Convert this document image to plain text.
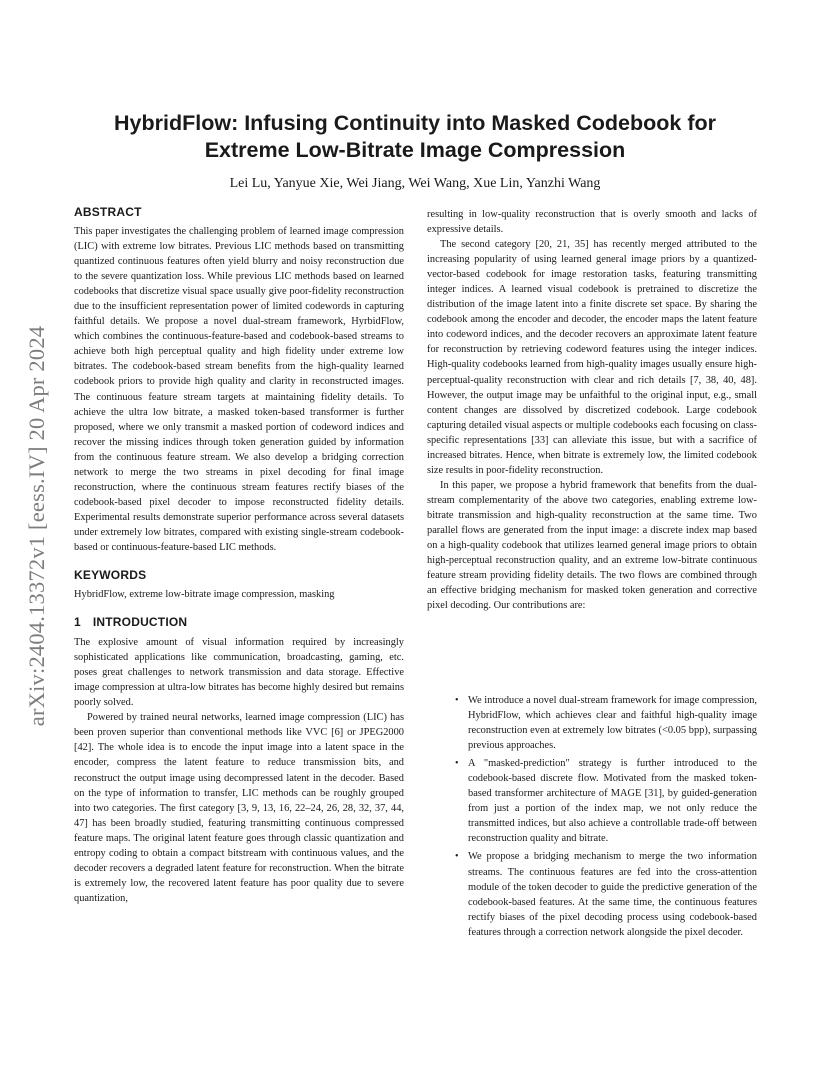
arXiv:2404.13372v1 [eess.IV] 20 Apr 2024
HybridFlow: Infusing Continuity into Masked Codebook for
Extreme Low-Bitrate Image Compression

Lei Lu, Yanyue Xie, Wei Jiang, Wei Wang, Xue Lin, Yanzhi Wang

ABSTRACT

This paper investigates the challenging problem of learned image compression (LIC) with extreme low bitrates. Previous LIC methods based on transmitting quantized continuous features often yield blurry and noisy reconstruction due to the severe quantization loss. While previous LIC methods based on learned codebooks that discretize visual space usually give poor-fidelity reconstruction due to the insufficient representation power of limited codewords in capturing faithful details. We propose a novel dual-stream framework, HyrbidFlow, which combines the continuous-feature-based and codebook-based streams to achieve both high perceptual quality and high fidelity under extreme low bitrates. The codebook-based stream benefits from the high-quality learned codebook priors to provide high quality and clarity in reconstructed images. The continuous feature stream targets at maintaining fidelity details. To achieve the ultra low bitrate, a masked token-based transformer is further proposed, where we only transmit a masked portion of codeword indices and recover the missing indices through token generation guided by information from the continuous feature stream. We also develop a bridging correction network to merge the two streams in pixel decoding for final image reconstruction, where the continuous stream features rectify biases of the codebook-based pixel decoder to impose reconstructed fidelity details. Experimental results demonstrate superior performance across several datasets under extremely low bitrates, compared with existing single-stream codebook-based or continuous-feature-based LIC methods.

KEYWORDS

HybridFlow, extreme low-bitrate image compression, masking

1 INTRODUCTION

The explosive amount of visual information required by increasingly sophisticated applications like communication, broadcasting, gaming, etc. poses great challenges to network transmission and data storage. Effective image compression at ultra-low bitrates has become highly desired but remains poorly solved.

Powered by trained neural networks, learned image compression (LIC) has been proven superior than conventional methods like VVC [6] or JPEG2000 [42]. The whole idea is to encode the input image into a latent space in the encoder, compress the latent feature to reduce transmission bits, and reconstruct the output image using decompressed latent in the decoder. Based on the type of information to transfer, LIC methods can be roughly grouped into two categories. The first category [3, 9, 13, 16, 22–24, 26, 28, 32, 37, 44, 47] has been broadly studied, featuring transmitting continuous compressed feature maps. The original latent feature goes through classic quantization and entropy coding to obtain a compact bitstream with continuous values, and the decoder recovers a degraded latent feature for reconstruction. When the bitrate is extremely low, the recovered latent feature has poor quality due to severe quantization,

resulting in low-quality reconstruction that is overly smooth and lacks of expressive details.

The second category [20, 21, 35] has recently merged attributed to the increasing popularity of using learned general image priors by a quantized-vector-based codebook for image restoration tasks, featuring transmitting integer indices. A learned visual codebook is pretrained to discretize the distribution of the image latent into a finite discrete set space. By sharing the codebook among the encoder and decoder, the encoder maps the latent feature into codeword indices, and the decoder recovers an approximate latent feature for reconstruction by retrieving codeword features using the integer indices. High-quality codebooks learned from high-quality images usually ensure high-perceptual-quality reconstruction with clear and rich details [7, 38, 40, 48]. However, the output image may be unfaithful to the original input, e.g., small content changes are dissolved by discretized codebook. Large codebook capturing detailed visual aspects or multiple codebooks each focusing on class-specific representations [33] can alleviate this issue, but with a sacrifice of increased bitrates. Hence, when bitrate is extremely low, the limited codebook size results in poor-fidelity reconstruction.

In this paper, we propose a hybrid framework that benefits from the dual-stream complementarity of the above two categories, enabling extreme low-bitrate transmission and high-quality reconstruction at the same time. Two parallel flows are generated from the input image: a discrete index map based on a high-quality codebook that utilizes learned general image priors to obtain high-perceptual reconstruction quality, and an extreme low-bitrate continuous feature stream providing fidelity details. The two flows are combined through an effective bridging mechanism for masked token generation and corrective pixel decoding. Our contributions are:

• We introduce a novel dual-stream framework for image compression, HybridFlow, which achieves clear and faithful high-quality image reconstruction even at extremely low bitrates (<0.05 bpp), surpassing previous approaches.
• A "masked-prediction" strategy is further introduced to the codebook-based discrete flow. Motivated from the masked token-based transformer architecture of MAGE [31], by guided-generation from just a portion of the index map, we not only reduce the transmitted indices, but also achieve a controllable trade-off between reconstruction quality and bitrate.
• We propose a bridging mechanism to merge the two information streams. The continuous features are fed into the cross-attention module of the token decoder to guide the predictive generation of the codebook-based features. At the same time, the continuous features rectify biases of the pixel decoding process using codebook-based features through a correction network alongside the pixel decoder.
